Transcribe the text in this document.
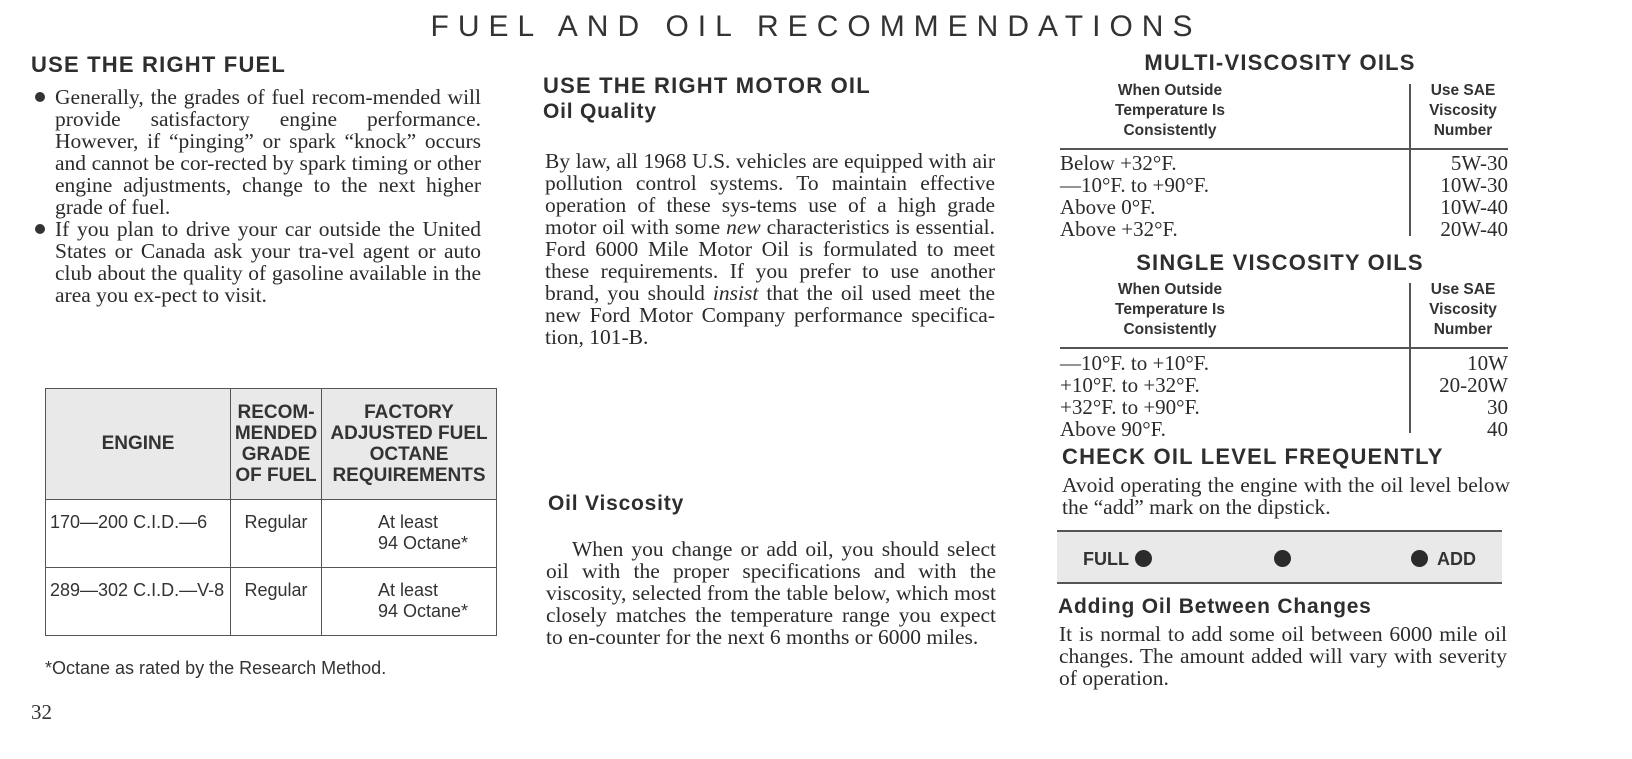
FUEL AND OIL RECOMMENDATIONS
USE THE RIGHT FUEL
Generally, the grades of fuel recom-mended will provide satisfactory engine performance. However, if “pinging” or spark “knock” occurs and cannot be cor-rected by spark timing or other engine adjustments, change to the next higher grade of fuel.
If you plan to drive your car outside the United States or Canada ask your tra-vel agent or auto club about the quality of gasoline available in the area you ex-pect to visit.
ENGINE	RECOM-MENDED GRADE OF FUEL	FACTORY ADJUSTED FUEL OCTANE REQUIREMENTS
170—200 C.I.D.—6	Regular	At least
94 Octane*

289—302 C.I.D.—V-8	Regular	At least
94 Octane*
*Octane as rated by the Research Method.
32
USE THE RIGHT MOTOR OIL
Oil Quality
By law, all 1968 U.S. vehicles are equipped with air pollution control systems. To maintain effective operation of these sys-tems use of a high grade motor oil with some new characteristics is essential. Ford 6000 Mile Motor Oil is formulated to meet these requirements. If you prefer to use another brand, you should insist that the oil used meet the new Ford Motor Company performance specifica-tion, 101-B.
Oil Viscosity
When you change or add oil, you should select oil with the proper specifications and with the viscosity, selected from the table below, which most closely matches the temperature range you expect to en-counter for the next 6 months or 6000 miles.
MULTI-VISCOSITY OILS
When Outside
Temperature Is
Consistently
Use SAE
Viscosity
Number
Below +32°F.	5W-30
—10°F. to +90°F.	10W-30
Above 0°F.	10W-40
Above +32°F.	20W-40
SINGLE VISCOSITY OILS
When Outside
Temperature Is
Consistently
Use SAE
Viscosity
Number
—10°F. to +10°F.	10W
+10°F. to +32°F.	20-20W
+32°F. to +90°F.	30
Above 90°F.	40
CHECK OIL LEVEL FREQUENTLY
Avoid operating the engine with the oil level below the “add” mark on the dipstick.
FULL	ADD
Adding Oil Between Changes
It is normal to add some oil between 6000 mile oil changes. The amount added will vary with severity of operation.
